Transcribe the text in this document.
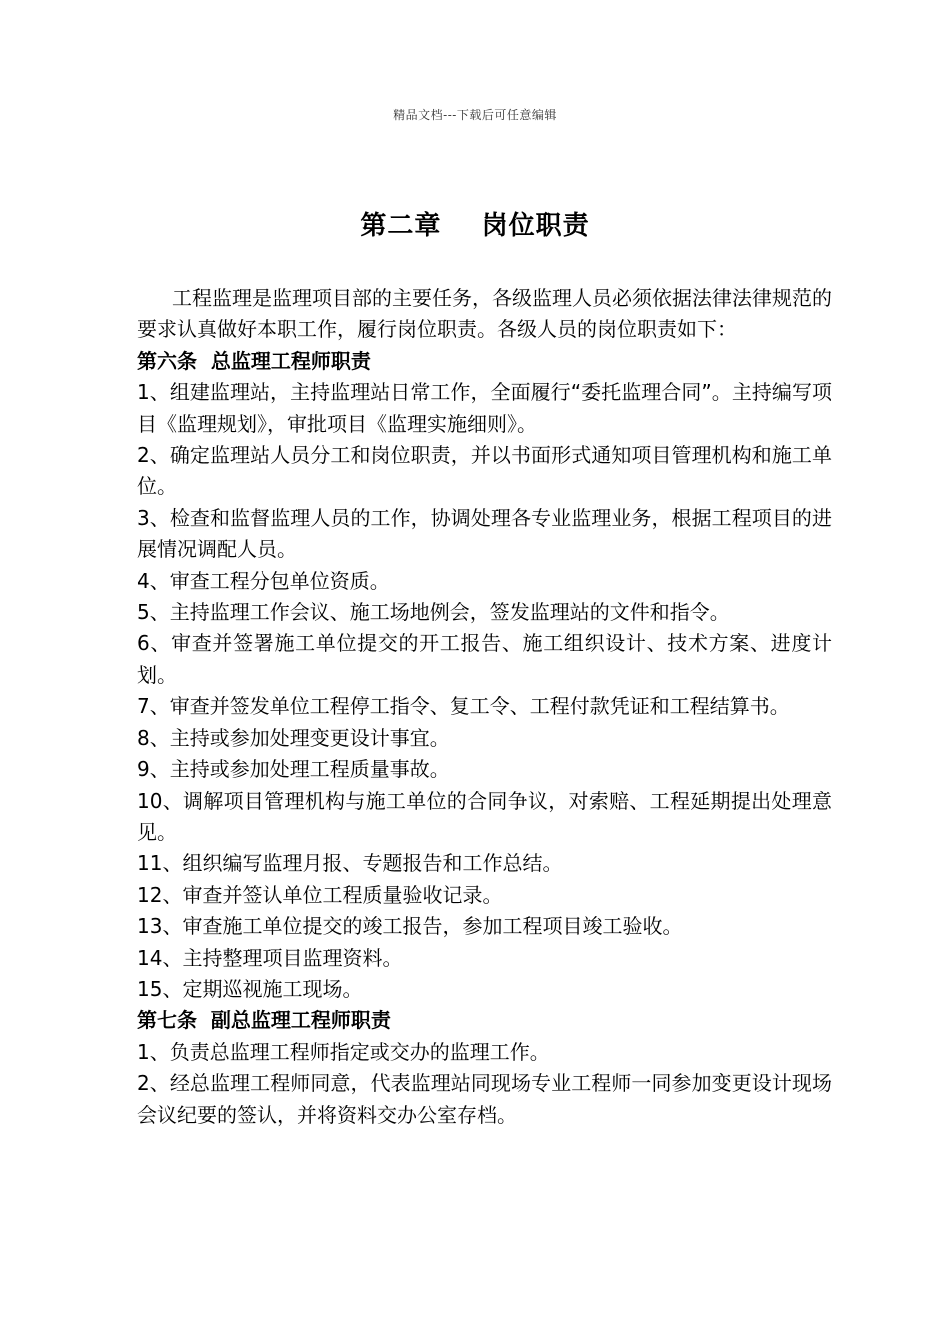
精品文档---下载后可任意编辑
第二章    岗位职责

工程监理是监理项目部的主要任务，各级监理人员必须依据法律法律规范的要求认真做好本职工作，履行岗位职责。各级人员的岗位职责如下：

第六条  总监理工程师职责

1、组建监理站，主持监理站日常工作，全面履行“委托监理合同”。主持编写项目《监理规划》，审批项目《监理实施细则》。

2、确定监理站人员分工和岗位职责，并以书面形式通知项目管理机构和施工单位。

3、检查和监督监理人员的工作，协调处理各专业监理业务，根据工程项目的进展情况调配人员。

4、审查工程分包单位资质。

5、主持监理工作会议、施工场地例会，签发监理站的文件和指令。

6、审查并签署施工单位提交的开工报告、施工组织设计、技术方案、进度计划。

7、审查并签发单位工程停工指令、复工令、工程付款凭证和工程结算书。

8、主持或参加处理变更设计事宜。

9、主持或参加处理工程质量事故。

10、调解项目管理机构与施工单位的合同争议，对索赔、工程延期提出处理意见。

11、组织编写监理月报、专题报告和工作总结。

12、审查并签认单位工程质量验收记录。

13、审查施工单位提交的竣工报告，参加工程项目竣工验收。

14、主持整理项目监理资料。

15、定期巡视施工现场。

第七条  副总监理工程师职责

1、负责总监理工程师指定或交办的监理工作。

2、经总监理工程师同意，代表监理站同现场专业工程师一同参加变更设计现场会议纪要的签认，并将资料交办公室存档。
